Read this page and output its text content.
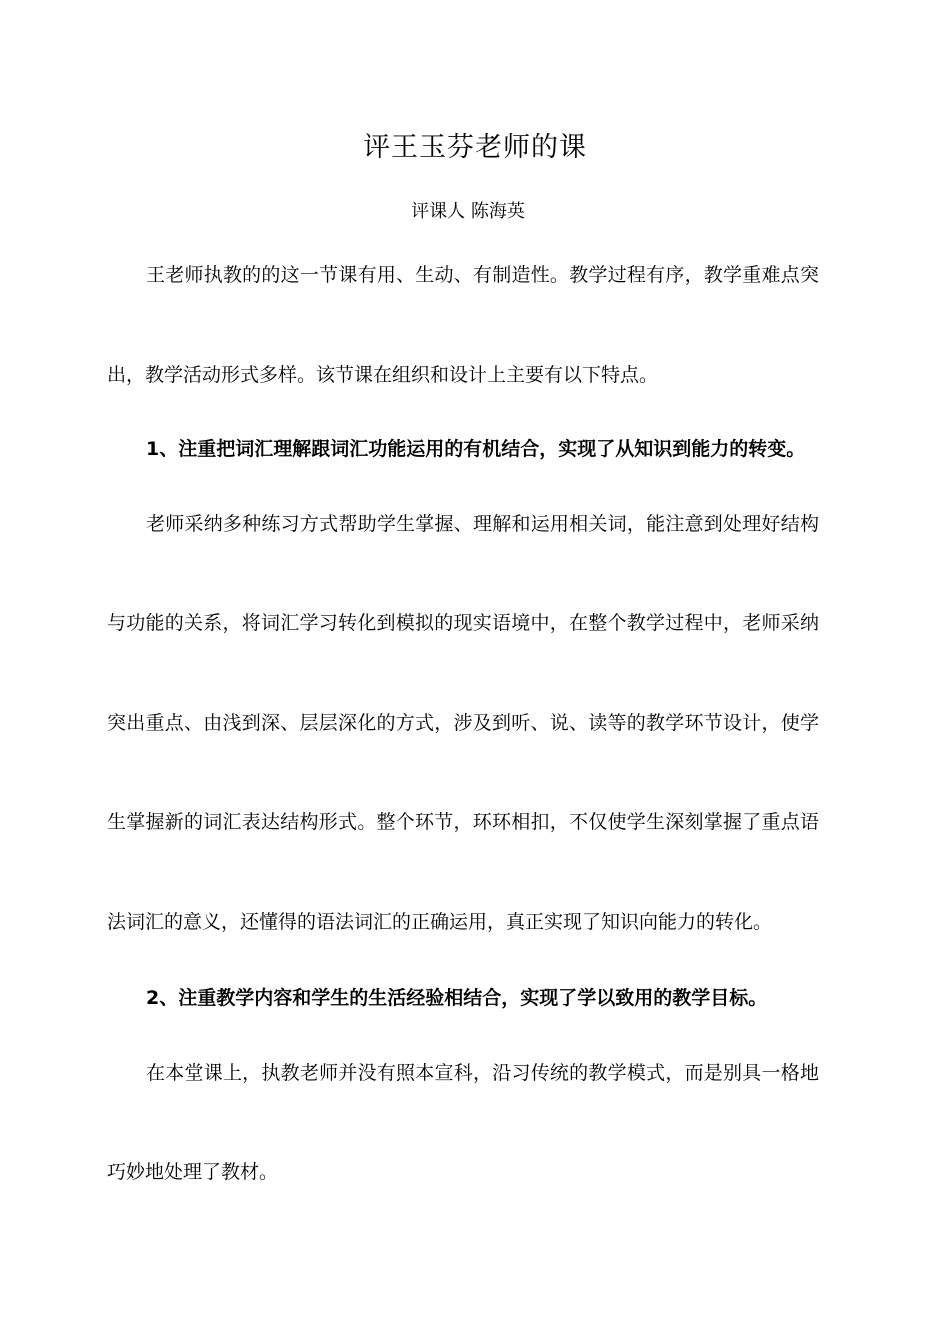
评王玉芬老师的课
评课人 陈海英
王老师执教的的这一节课有用、生动、有制造性。教学过程有序，教学重难点突
出，教学活动形式多样。该节课在组织和设计上主要有以下特点。
1、注重把词汇理解跟词汇功能运用的有机结合，实现了从知识到能力的转变。
老师采纳多种练习方式帮助学生掌握、理解和运用相关词，能注意到处理好结构
与功能的关系，将词汇学习转化到模拟的现实语境中，在整个教学过程中，老师采纳
突出重点、由浅到深、层层深化的方式，涉及到听、说、读等的教学环节设计，使学
生掌握新的词汇表达结构形式。整个环节，环环相扣，不仅使学生深刻掌握了重点语
法词汇的意义，还懂得的语法词汇的正确运用，真正实现了知识向能力的转化。
2、注重教学内容和学生的生活经验相结合，实现了学以致用的教学目标。
在本堂课上，执教老师并没有照本宣科，沿习传统的教学模式，而是别具一格地
巧妙地处理了教材。
